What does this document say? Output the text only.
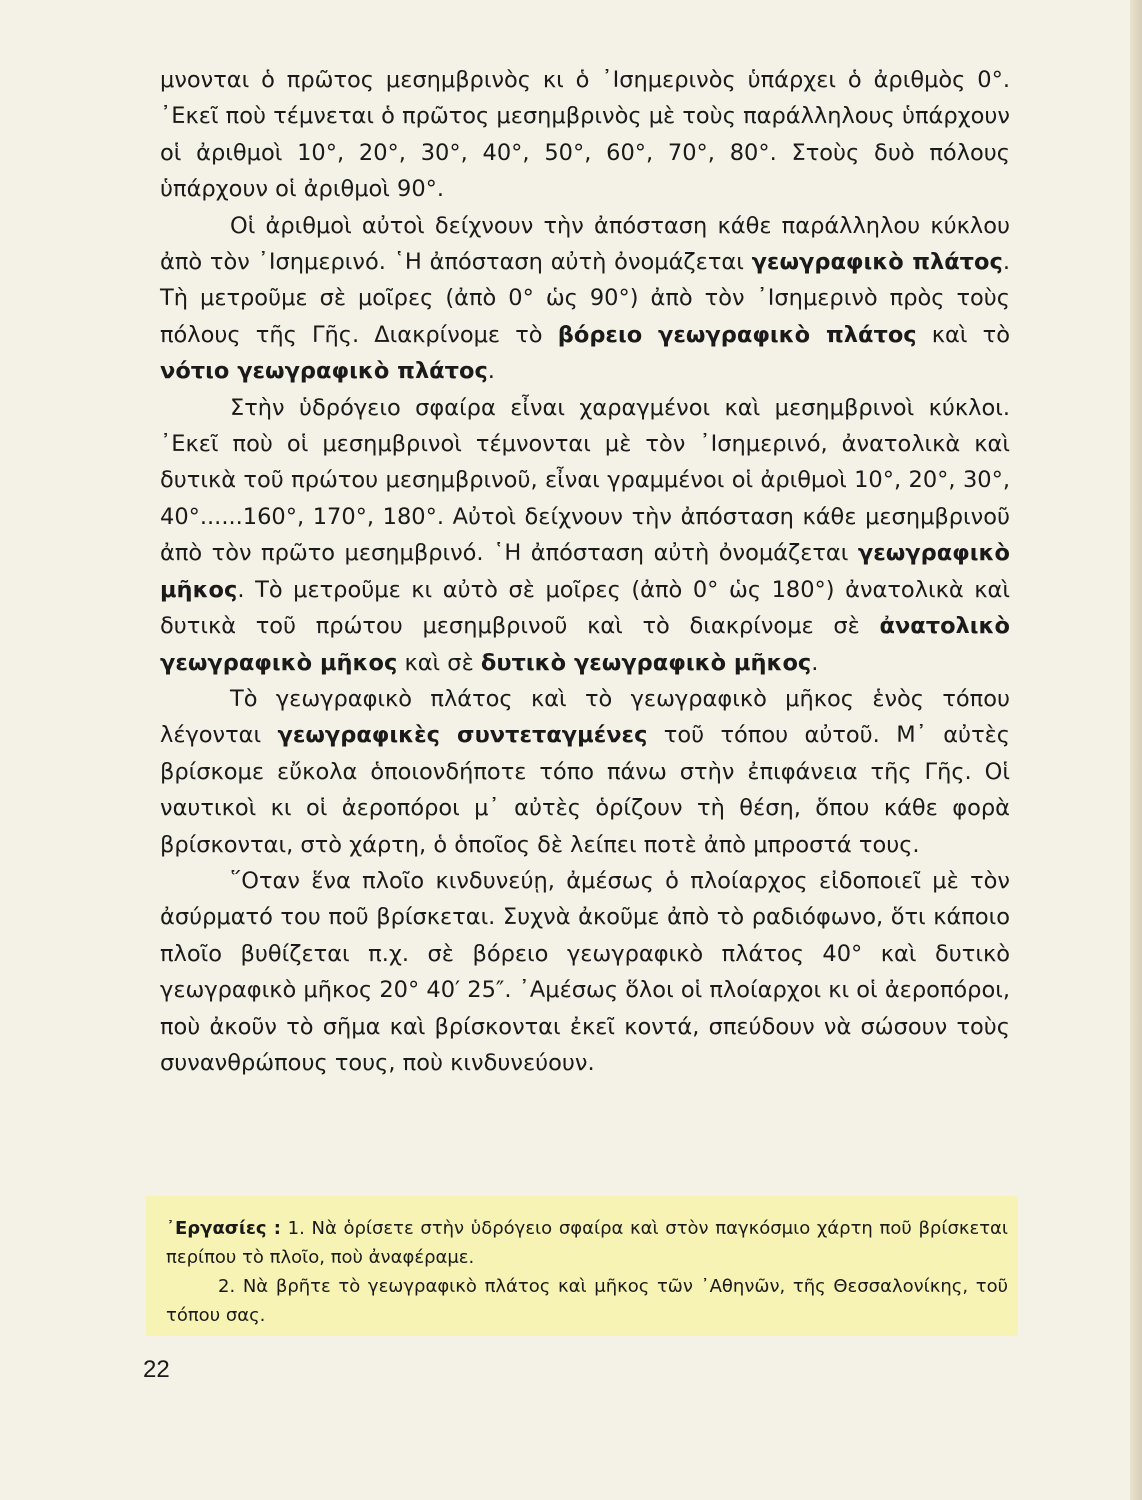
μνονται ὁ πρῶτος μεσημβρινὸς κι ὁ ᾽Ισημερινὸς ὑπάρχει ὁ ἀριθμὸς 0°. ᾽Εκεῖ ποὺ τέμνεται ὁ πρῶτος μεσημβρινὸς μὲ τοὺς παράλληλους ὑπάρχουν οἱ ἀριθμοὶ 10°, 20°, 30°, 40°, 50°, 60°, 70°, 80°. Στοὺς δυὸ πόλους ὑπάρχουν οἱ ἀριθμοὶ 90°.

Οἱ ἀριθμοὶ αὐτοὶ δείχνουν τὴν ἀπόσταση κάθε παράλληλου κύκλου ἀπὸ τὸν ᾽Ισημερινό. ῾Η ἀπόσταση αὐτὴ ὀνομάζεται γεωγραφικὸ πλάτος. Τὴ μετροῦμε σὲ μοῖρες (ἀπὸ 0° ὡς 90°) ἀπὸ τὸν ᾽Ισημερινὸ πρὸς τοὺς πόλους τῆς Γῆς. Διακρίνομε τὸ βόρειο γεωγραφικὸ πλάτος καὶ τὸ νότιο γεωγραφικὸ πλάτος.

Στὴν ὑδρόγειο σφαίρα εἶναι χαραγμένοι καὶ μεσημβρινοὶ κύκλοι. ᾽Εκεῖ ποὺ οἱ μεσημβρινοὶ τέμνονται μὲ τὸν ᾽Ισημερινό, ἀνατολικὰ καὶ δυτικὰ τοῦ πρώτου μεσημβρινοῦ, εἶναι γραμμένοι οἱ ἀριθμοὶ 10°, 20°, 30°, 40°......160°, 170°, 180°. Αὐτοὶ δείχνουν τὴν ἀπόσταση κάθε μεσημβρινοῦ ἀπὸ τὸν πρῶτο μεσημβρινό. ῾Η ἀπόσταση αὐτὴ ὀνομάζεται γεωγραφικὸ μῆκος. Τὸ μετροῦμε κι αὐτὸ σὲ μοῖρες (ἀπὸ 0° ὡς 180°) ἀνατολικὰ καὶ δυτικὰ τοῦ πρώτου μεσημβρινοῦ καὶ τὸ διακρίνομε σὲ ἀνατολικὸ γεωγραφικὸ μῆκος καὶ σὲ δυτικὸ γεωγραφικὸ μῆκος.

Τὸ γεωγραφικὸ πλάτος καὶ τὸ γεωγραφικὸ μῆκος ἑνὸς τόπου λέγονται γεωγραφικὲς συντεταγμένες τοῦ τόπου αὐτοῦ. Μ᾽ αὐτὲς βρίσκομε εὔκολα ὁποιονδήποτε τόπο πάνω στὴν ἐπιφάνεια τῆς Γῆς. Οἱ ναυτικοὶ κι οἱ ἀεροπόροι μ᾽ αὐτὲς ὁρίζουν τὴ θέση, ὅπου κάθε φορὰ βρίσκονται, στὸ χάρτη, ὁ ὁποῖος δὲ λείπει ποτὲ ἀπὸ μπροστά τους.

῞Οταν ἕνα πλοῖο κινδυνεύῃ, ἀμέσως ὁ πλοίαρχος εἰδοποιεῖ μὲ τὸν ἀσύρματό του ποῦ βρίσκεται. Συχνὰ ἀκοῦμε ἀπὸ τὸ ραδιόφωνο, ὅτι κάποιο πλοῖο βυθίζεται π.χ. σὲ βόρειο γεωγραφικὸ πλάτος 40° καὶ δυτικὸ γεωγραφικὸ μῆκος 20° 40′ 25″. ᾽Αμέσως ὅλοι οἱ πλοίαρχοι κι οἱ ἀεροπόροι, ποὺ ἀκοῦν τὸ σῆμα καὶ βρίσκονται ἐκεῖ κοντά, σπεύδουν νὰ σώσουν τοὺς συνανθρώπους τους, ποὺ κινδυνεύουν.

᾽Εργασίες : 1. Νὰ ὁρίσετε στὴν ὑδρόγειο σφαίρα καὶ στὸν παγκόσμιο χάρτη ποῦ βρίσκεται περίπου τὸ πλοῖο, ποὺ ἀναφέραμε.

2. Νὰ βρῆτε τὸ γεωγραφικὸ πλάτος καὶ μῆκος τῶν ᾽Αθηνῶν, τῆς Θεσσαλονίκης, τοῦ τόπου σας.

22
